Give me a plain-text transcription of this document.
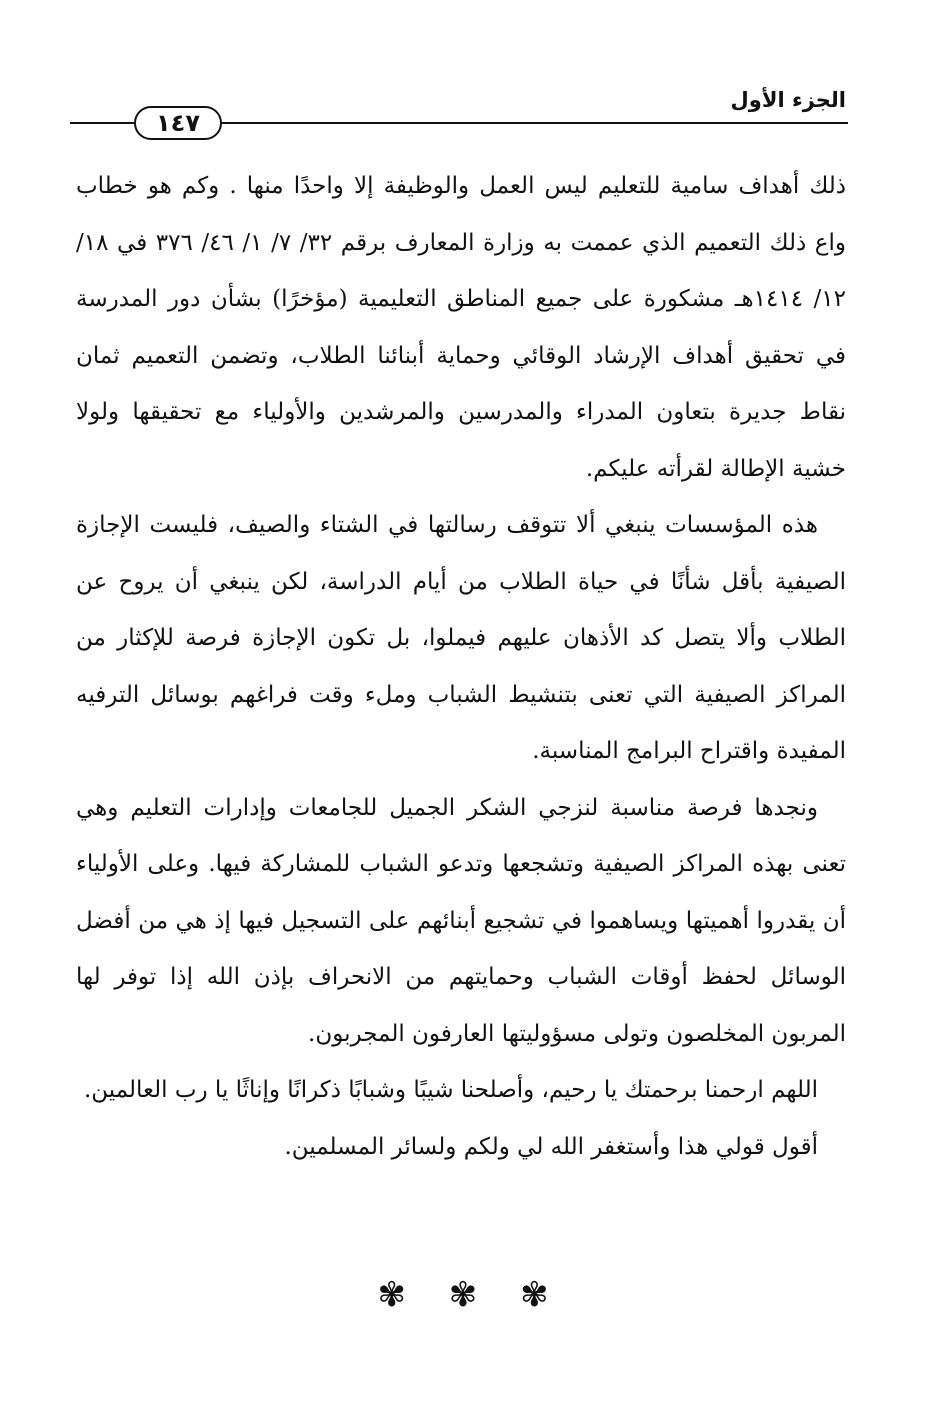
الجزء الأول
١٤٧

ذلك أهداف سامية للتعليم ليس العمل والوظيفة إلا واحدًا منها . وكم هو خطاب واع ذلك التعميم الذي عممت به وزارة المعارف برقم ٣٢/ ٧/ ١/ ٤٦/ ٣٧٦ في ١٨/ ١٢/ ١٤١٤هـ مشكورة على جميع المناطق التعليمية (مؤخرًا) بشأن دور المدرسة في تحقيق أهداف الإرشاد الوقائي وحماية أبنائنا الطلاب، وتضمن التعميم ثمان نقاط جديرة بتعاون المدراء والمدرسين والمرشدين والأولياء مع تحقيقها ولولا خشية الإطالة لقرأته عليكم.

هذه المؤسسات ينبغي ألا تتوقف رسالتها في الشتاء والصيف، فليست الإجازة الصيفية بأقل شأنًا في حياة الطلاب من أيام الدراسة، لكن ينبغي أن يروح عن الطلاب وألا يتصل كد الأذهان عليهم فيملوا، بل تكون الإجازة فرصة للإكثار من المراكز الصيفية التي تعنى بتنشيط الشباب وملء وقت فراغهم بوسائل الترفيه المفيدة واقتراح البرامج المناسبة.

ونجدها فرصة مناسبة لنزجي الشكر الجميل للجامعات وإدارات التعليم وهي تعنى بهذه المراكز الصيفية وتشجعها وتدعو الشباب للمشاركة فيها. وعلى الأولياء أن يقدروا أهميتها ويساهموا في تشجيع أبنائهم على التسجيل فيها إذ هي من أفضل الوسائل لحفظ أوقات الشباب وحمايتهم من الانحراف بإذن الله إذا توفر لها المربون المخلصون وتولى مسؤوليتها العارفون المجربون.

اللهم ارحمنا برحمتك يا رحيم، وأصلحنا شيبًا وشبابًا ذكرانًا وإناثًا يا رب العالمين.

أقول قولي هذا وأستغفر الله لي ولكم ولسائر المسلمين.

✾ ✾ ✾
